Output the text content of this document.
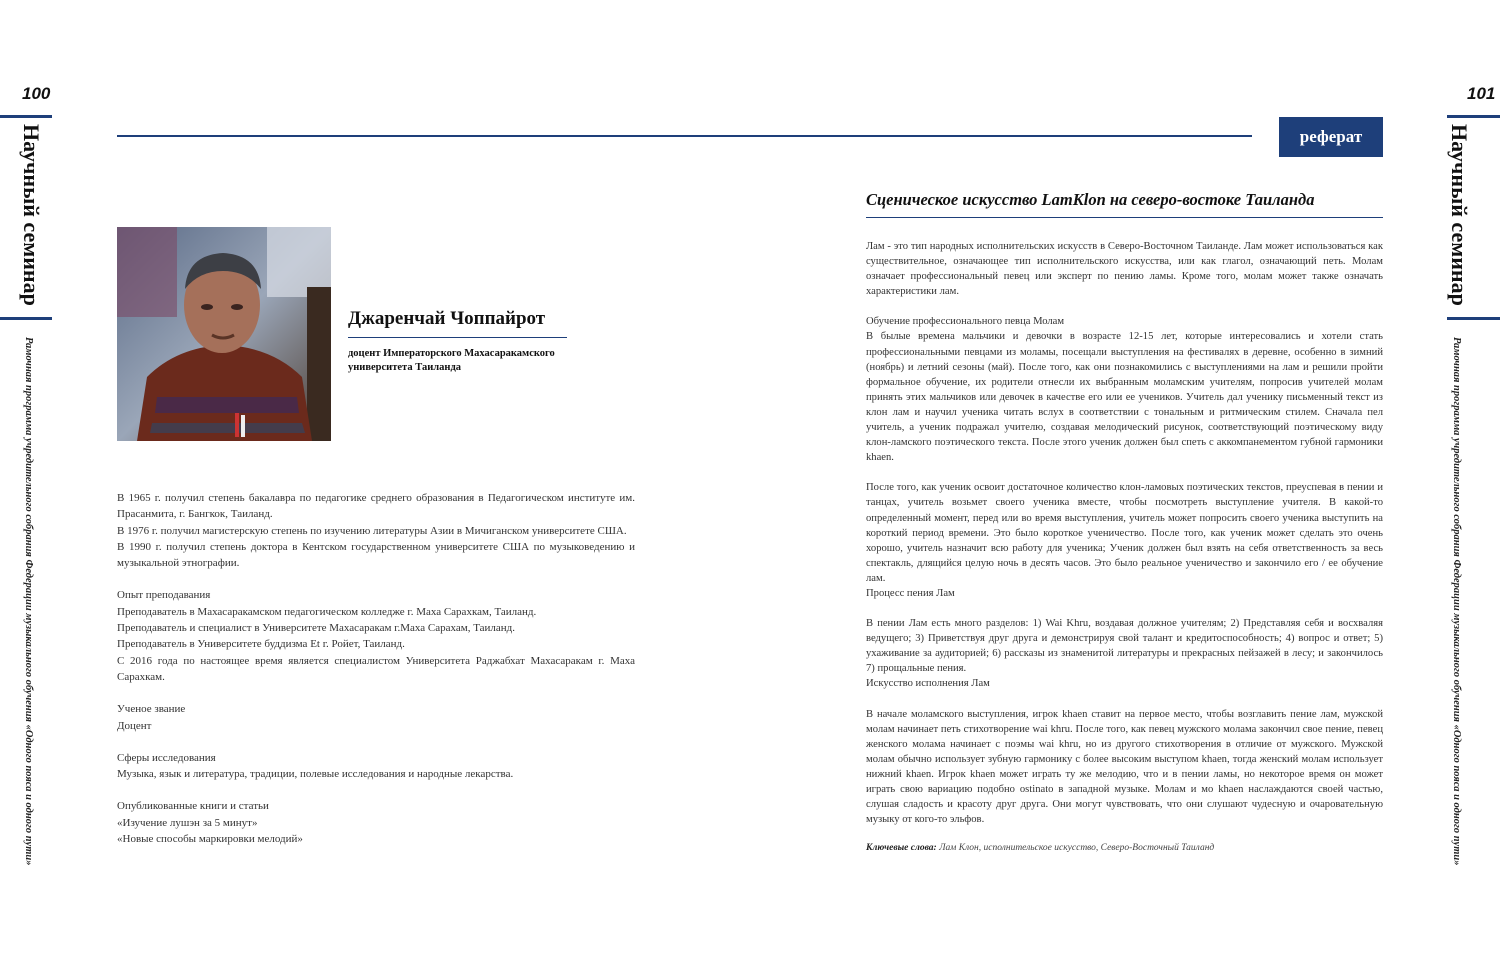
100
Научный семинар
Рамочная программа учредительного собрания Федерации музыкального обучения «Одного пояса и одного пути»
101
Научный семинар
Рамочная программа учредительного собрания Федерации музыкального обучения «Одного пояса и одного пути»
реферат
Джаренчай Чоппайрот
доцент Императорского Махасаракамского университета Таиланда

В 1965 г. получил степень бакалавра по педагогике среднего образования в Педагогическом институте им. Прасанмита, г. Бангкок, Таиланд.

В 1976 г. получил магистерскую степень по изучению литературы Азии в Мичиганском университете США.

В 1990 г. получил степень доктора в Кентском государственном университете США по музыковедению и музыкальной этнографии.

Опыт преподавания

Преподаватель в Махасаракамском педагогическом колледже г. Маха Сарахкам, Таиланд.

Преподаватель и специалист в Университете Махасаракам г.Маха Сарахам, Таиланд.

Преподаватель в Университете буддизма Et г. Ройет, Таиланд.

С 2016 года по настоящее время является специалистом Университета Раджабхат Махасаракам г. Маха Сарахкам.

Ученое звание

Доцент

Сферы исследования

Музыка, язык и литература, традиции, полевые исследования и народные лекарства.

Опубликованные книги и статьи

«Изучение лушэн за 5 минут»

«Новые способы маркировки мелодий»

Сценическое искусство LamKlon на северо-востоке Таиланда

Лам - это тип народных исполнительских искусств в Северо-Восточном Таиланде. Лам может использоваться как существительное, означающее тип исполнительского искусства, или как глагол, означающий петь. Молам означает профессиональный певец или эксперт по пению ламы. Кроме того, молам может также означать характеристики лам.

Обучение профессионального певца Молам

В былые времена мальчики и девочки в возрасте 12-15 лет, которые интересовались и хотели стать профессиональными певцами из моламы, посещали выступления на фестивалях в деревне, особенно в зимний (ноябрь) и летний сезоны (май). После того, как они познакомились с выступлениями на лам и решили пройти формальное обучение, их родители отнесли их выбранным моламским учителям, попросив учителей молам принять этих мальчиков или девочек в качестве его или ее учеников. Учитель дал ученику письменный текст из клон лам и научил ученика читать вслух в соответствии с тональным и ритмическим стилем. Сначала пел учитель, а ученик подражал учителю, создавая мелодический рисунок, соответствующий поэтическому виду клон-ламского поэтического текста. После этого ученик должен был спеть с аккомпанементом губной гармоники khaen.

После того, как ученик освоит достаточное количество клон-ламовых поэтических текстов, преуспевая в пении и танцах, учитель возьмет своего ученика вместе, чтобы посмотреть выступление учителя. В какой-то определенный момент, перед или во время выступления, учитель может попросить своего ученика выступить на короткий период времени. Это было короткое ученичество. После того, как ученик может сделать это очень хорошо, учитель назначит всю работу для ученика; Ученик должен был взять на себя ответственность за весь спектакль, длящийся целую ночь в десять часов. Это было реальное ученичество и закончило его / ее обучение лам.

Процесс пения Лам

В пении Лам есть много разделов: 1) Wai Khru, воздавая должное учителям; 2) Представляя себя и восхваляя ведущего; 3) Приветствуя друг друга и демонстрируя свой талант и кредитоспособность; 4) вопрос и ответ; 5) ухаживание за аудиторией; 6) рассказы из знаменитой литературы и прекрасных пейзажей в лесу; и закончилось 7) прощальные пения.

Искусство исполнения Лам

В начале моламского выступления, игрок khaen ставит на первое место, чтобы возглавить пение лам, мужской молам начинает петь стихотворение wai khru. После того, как певец мужского молама закончил свое пение, певец женского молама начинает с поэмы wai khru, но из другого стихотворения в отличие от мужского. Мужской молам обычно использует зубную гармонику с более высоким выступом khaen, тогда женский молам использует нижний khaen. Игрок khaen может играть ту же мелодию, что и в пении ламы, но некоторое время он может играть свою вариацию подобно ostinato в западной музыке. Молам и мо khaen наслаждаются своей частью, слушая сладость и красоту друг друга. Они могут чувствовать, что они слушают чудесную и очаровательную музыку от кого-то эльфов.

Ключевые слова: Лам Клон, исполнительское искусство, Северо-Восточный Таиланд
